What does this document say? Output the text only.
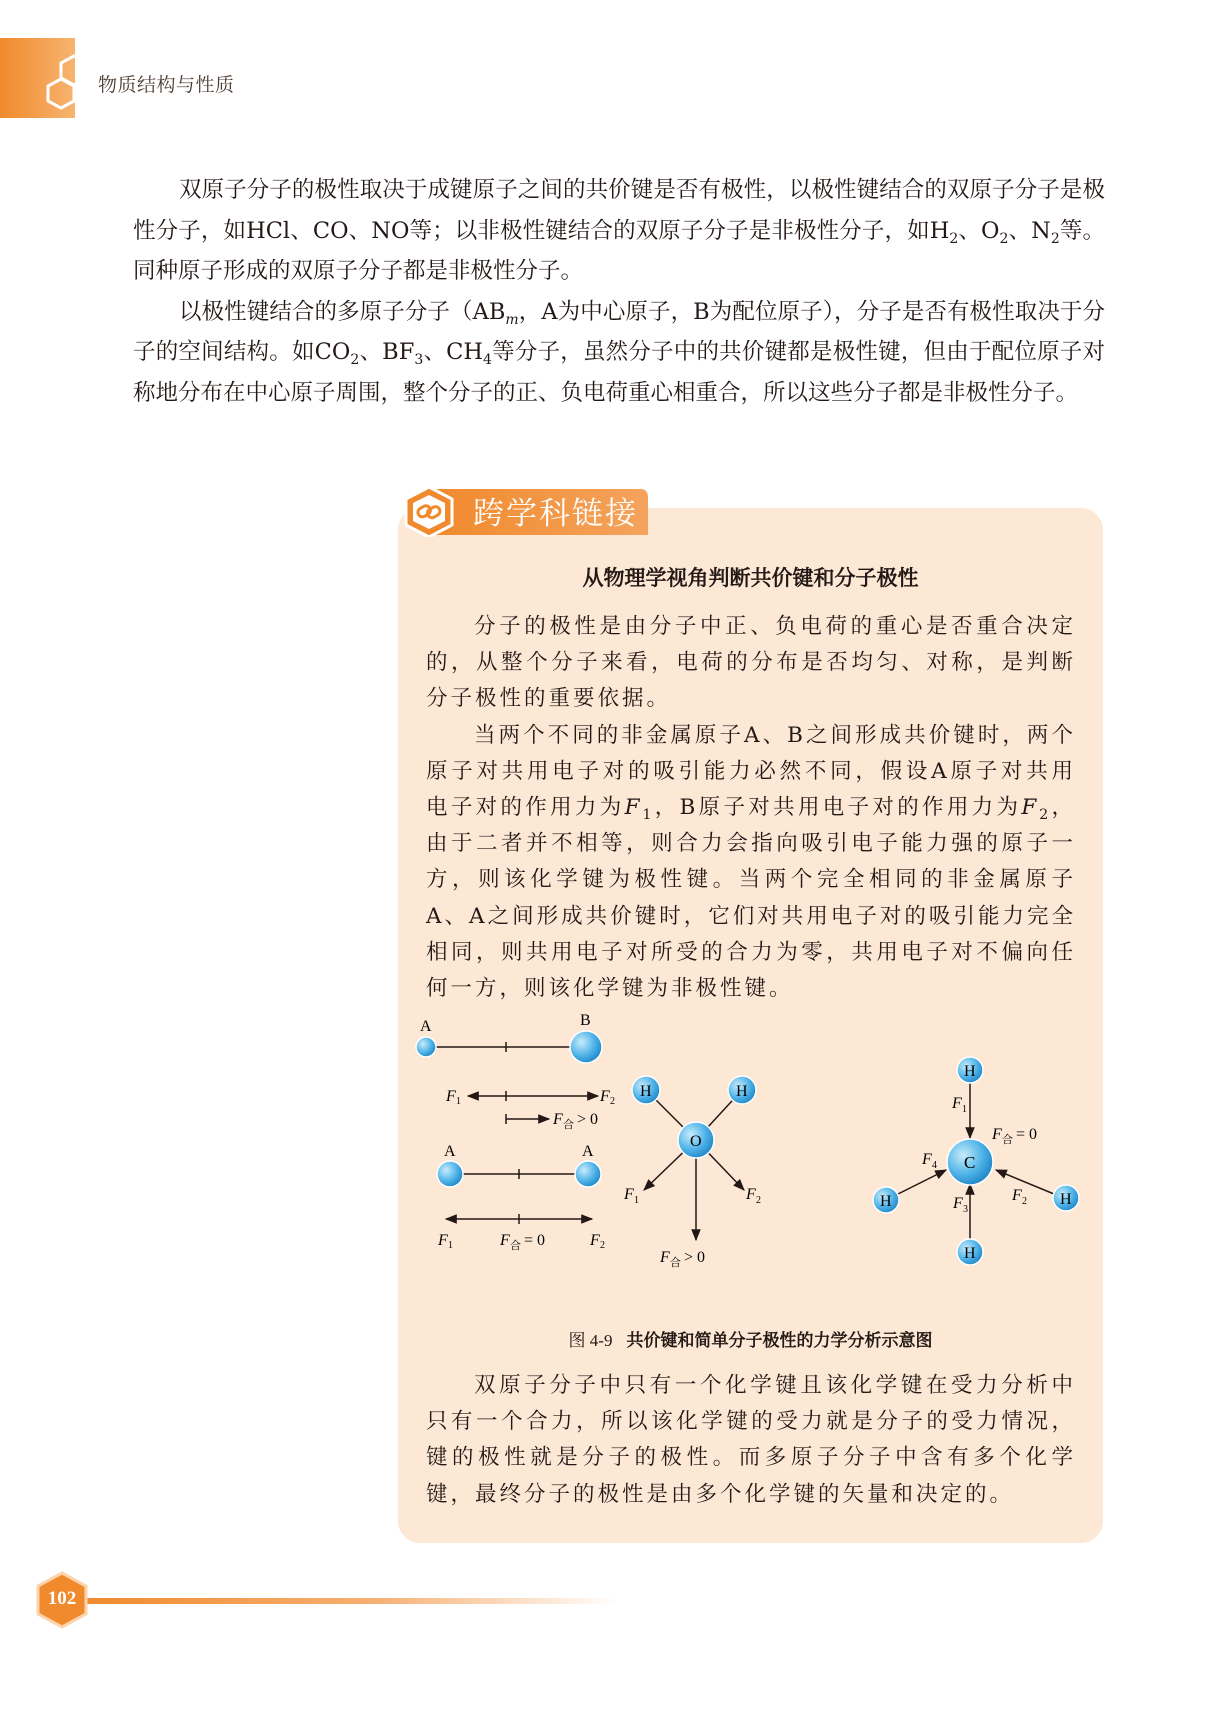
物质结构与性质

双原子分子的极性取决于成键原子之间的共价键是否有极性，以极性键结合的双原子分子是极性分子，如HCl、CO、NO等；以非极性键结合的双原子分子是非极性分子，如$H_2$、$O_2$、$N_2$等。同种原子形成的双原子分子都是非极性分子。

以极性键结合的多原子分子（$AB_m$，A为中心原子，B为配位原子），分子是否有极性取决于分子的空间结构。如$CO_2$、$BF_3$、$CH_4$等分子，虽然分子中的共价键都是极性键，但由于配位原子对称地分布在中心原子周围，整个分子的正、负电荷重心相重合，所以这些分子都是非极性分子。

跨学科链接
从物理学视角判断共价键和分子极性

分子的极性是由分子中正、负电荷的重心是否重合决定的，从整个分子来看，电荷的分布是否均匀、对称，是判断分子极性的重要依据。

当两个不同的非金属原子A、B之间形成共价键时，两个原子对共用电子对的吸引能力必然不同，假设A原子对共用电子对的作用力为$F_1$，B原子对共用电子对的作用力为$F_2$，由于二者并不相等，则合力会指向吸引电子能力强的原子一方，则该化学键为极性键。当两个完全相同的非金属原子A、A之间形成共价键时，它们对共用电子对的吸引能力完全相同，则共用电子对所受的合力为零，共用电子对不偏向任何一方，则该化学键为非极性键。

A	B
F 1	F 2
F 合 > 0
A	A
F 1	F 合 = 0	F 2
H	H
O
F 1	F 2
F 合 > 0
H
H
H	H
C
F 1
F 2
F 3
F 4
F 合 = 0
图 4-9 共价键和简单分子极性的力学分析示意图

双原子分子中只有一个化学键且该化学键在受力分析中只有一个合力，所以该化学键的受力就是分子的受力情况，键的极性就是分子的极性。而多原子分子中含有多个化学键，最终分子的极性是由多个化学键的矢量和决定的。

102
